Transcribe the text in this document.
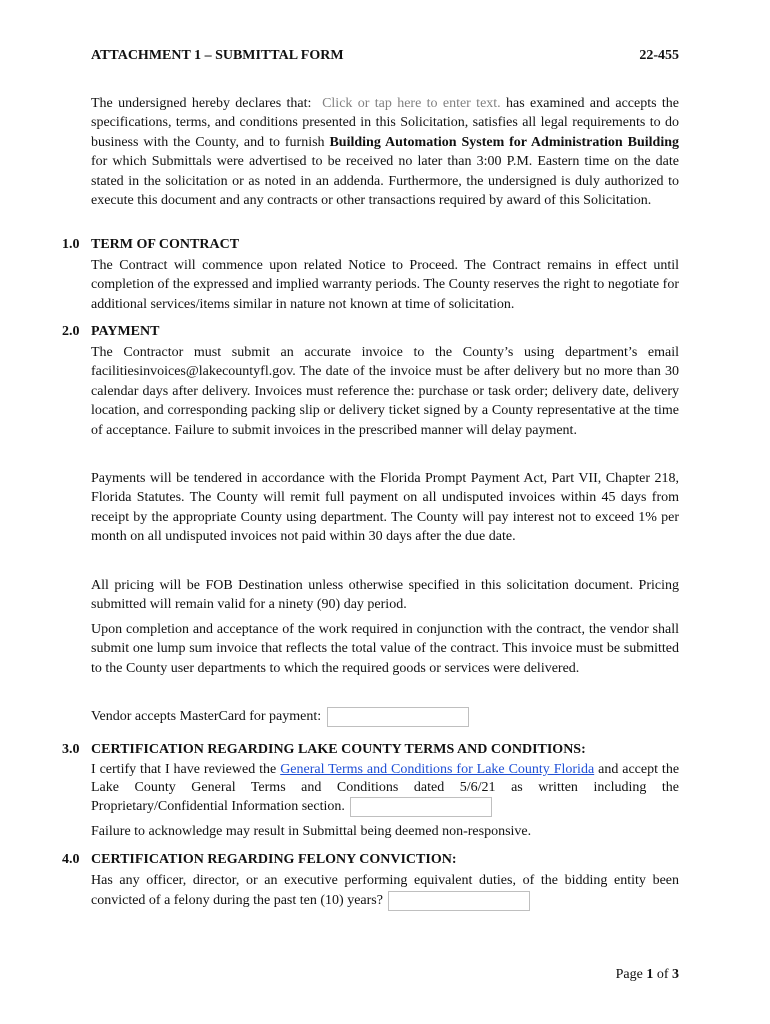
ATTACHMENT 1 – SUBMITTAL FORM	22-455
The undersigned hereby declares that: Click or tap here to enter text. has examined and accepts the specifications, terms, and conditions presented in this Solicitation, satisfies all legal requirements to do business with the County, and to furnish Building Automation System for Administration Building for which Submittals were advertised to be received no later than 3:00 P.M. Eastern time on the date stated in the solicitation or as noted in an addenda. Furthermore, the undersigned is duly authorized to execute this document and any contracts or other transactions required by award of this Solicitation.
1.0 TERM OF CONTRACT
The Contract will commence upon related Notice to Proceed. The Contract remains in effect until completion of the expressed and implied warranty periods. The County reserves the right to negotiate for additional services/items similar in nature not known at time of solicitation.
2.0 PAYMENT
The Contractor must submit an accurate invoice to the County’s using department’s email facilitiesinvoices@lakecountyfl.gov. The date of the invoice must be after delivery but no more than 30 calendar days after delivery. Invoices must reference the: purchase or task order; delivery date, delivery location, and corresponding packing slip or delivery ticket signed by a County representative at the time of acceptance. Failure to submit invoices in the prescribed manner will delay payment.
Payments will be tendered in accordance with the Florida Prompt Payment Act, Part VII, Chapter 218, Florida Statutes. The County will remit full payment on all undisputed invoices within 45 days from receipt by the appropriate County using department. The County will pay interest not to exceed 1% per month on all undisputed invoices not paid within 30 days after the due date.
All pricing will be FOB Destination unless otherwise specified in this solicitation document. Pricing submitted will remain valid for a ninety (90) day period.
Upon completion and acceptance of the work required in conjunction with the contract, the vendor shall submit one lump sum invoice that reflects the total value of the contract. This invoice must be submitted to the County user departments to which the required goods or services were delivered.
Vendor accepts MasterCard for payment:
3.0 CERTIFICATION REGARDING LAKE COUNTY TERMS AND CONDITIONS:
I certify that I have reviewed the General Terms and Conditions for Lake County Florida and accept the Lake County General Terms and Conditions dated 5/6/21 as written including the Proprietary/Confidential Information section.
Failure to acknowledge may result in Submittal being deemed non-responsive.
4.0 CERTIFICATION REGARDING FELONY CONVICTION:
Has any officer, director, or an executive performing equivalent duties, of the bidding entity been convicted of a felony during the past ten (10) years?
Page 1 of 3
